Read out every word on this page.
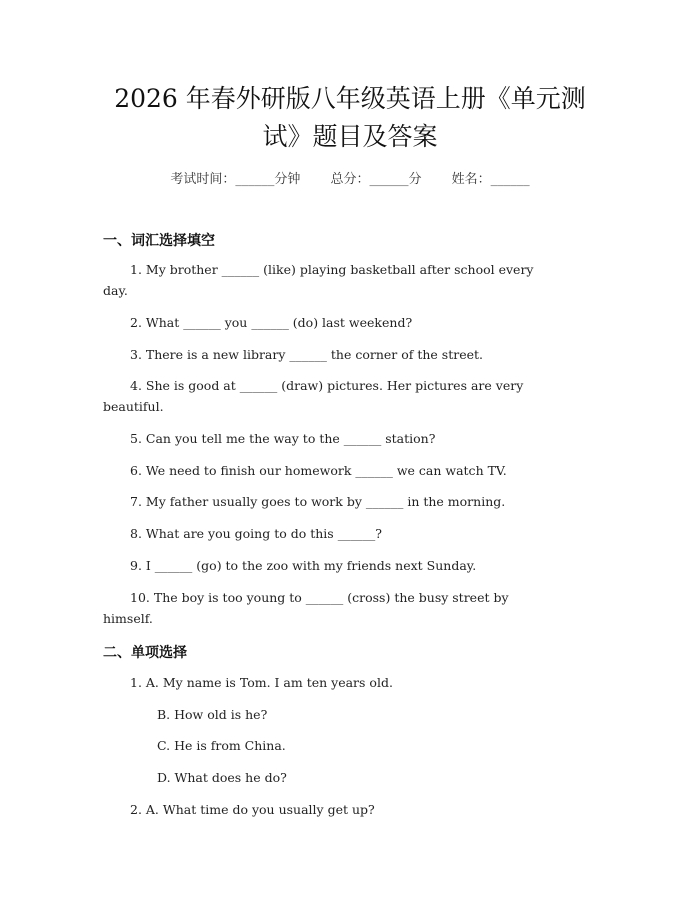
2026 年春外研版八年级英语上册《单元测
试》题目及答案
考试时间：______分钟 总分：______分 姓名：______
一、词汇选择填空
1. My brother ______ (like) playing basketball after school every
day.
2. What ______ you ______ (do) last weekend?
3. There is a new library ______ the corner of the street.
4. She is good at ______ (draw) pictures. Her pictures are very
beautiful.
5. Can you tell me the way to the ______ station?
6. We need to finish our homework ______ we can watch TV.
7. My father usually goes to work by ______ in the morning.
8. What are you going to do this ______?
9. I ______ (go) to the zoo with my friends next Sunday.
10. The boy is too young to ______ (cross) the busy street by
himself.
二、单项选择
1. A. My name is Tom. I am ten years old.
B. How old is he?
C. He is from China.
D. What does he do?
2. A. What time do you usually get up?
